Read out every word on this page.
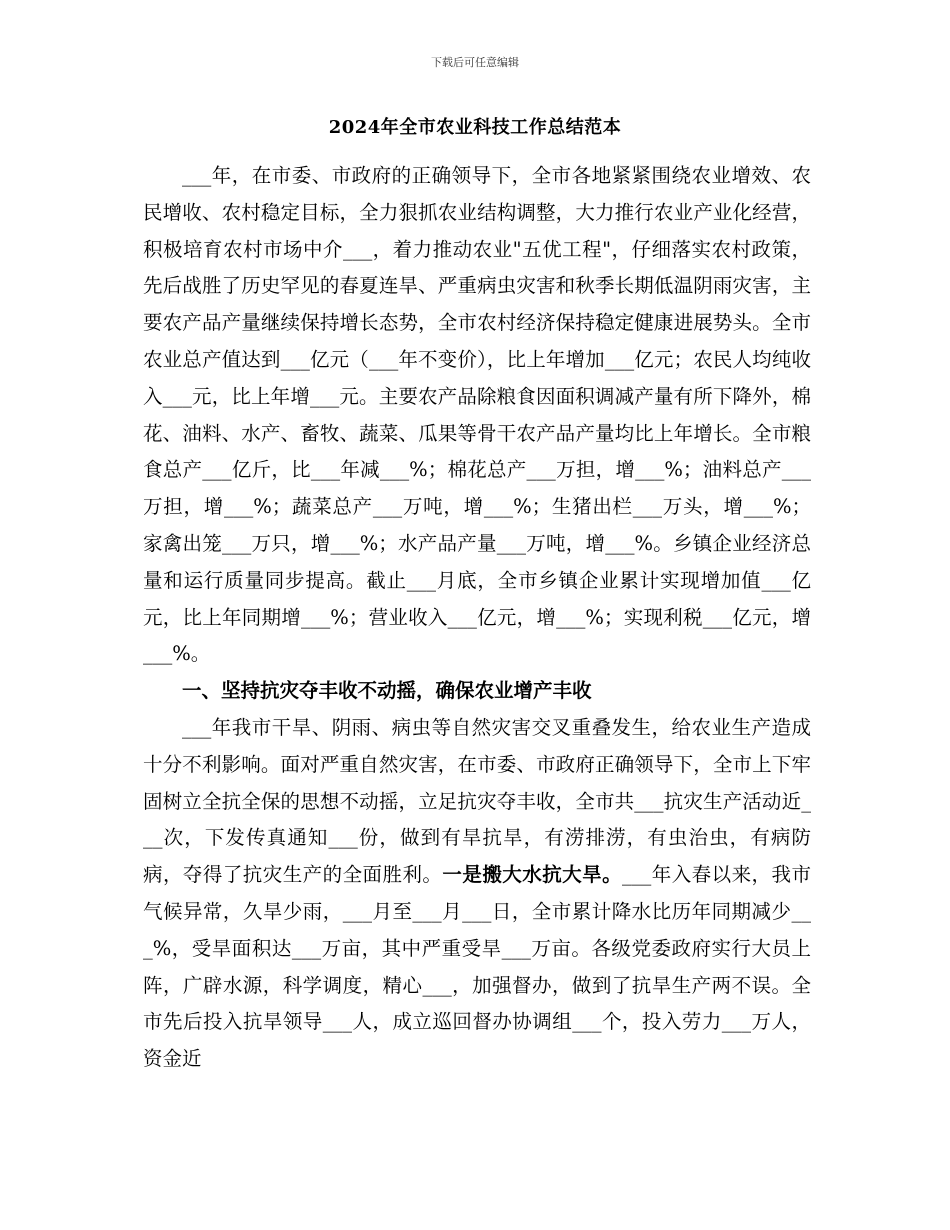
下载后可任意编辑
2024年全市农业科技工作总结范本

___年，在市委、市政府的正确领导下，全市各地紧紧围绕农业增效、农民增收、农村稳定目标，全力狠抓农业结构调整，大力推行农业产业化经营，积极培育农村市场中介___，着力推动农业"五优工程"，仔细落实农村政策，先后战胜了历史罕见的春夏连旱、严重病虫灾害和秋季长期低温阴雨灾害，主要农产品产量继续保持增长态势，全市农村经济保持稳定健康进展势头。全市农业总产值达到___亿元（___年不变价），比上年增加___亿元；农民人均纯收入___元，比上年增___元。主要农产品除粮食因面积调减产量有所下降外，棉花、油料、水产、畜牧、蔬菜、瓜果等骨干农产品产量均比上年增长。全市粮食总产___亿斤，比___年减___%；棉花总产___万担，增___%；油料总产___万担，增___%；蔬菜总产___万吨，增___%；生猪出栏___万头，增___%；家禽出笼___万只，增___%；水产品产量___万吨，增___%。乡镇企业经济总量和运行质量同步提高。截止___月底，全市乡镇企业累计实现增加值___亿元，比上年同期增___%；营业收入___亿元，增___%；实现利税___亿元，增___%。

一、坚持抗灾夺丰收不动摇，确保农业增产丰收

___年我市干旱、阴雨、病虫等自然灾害交叉重叠发生，给农业生产造成十分不利影响。面对严重自然灾害，在市委、市政府正确领导下，全市上下牢固树立全抗全保的思想不动摇，立足抗灾夺丰收，全市共___抗灾生产活动近___次，下发传真通知___份，做到有旱抗旱，有涝排涝，有虫治虫，有病防病，夺得了抗灾生产的全面胜利。一是搬大水抗大旱。___年入春以来，我市气候异常，久旱少雨，___月至___月___日，全市累计降水比历年同期减少___%，受旱面积达___万亩，其中严重受旱___万亩。各级党委政府实行大员上阵，广辟水源，科学调度，精心___，加强督办，做到了抗旱生产两不误。全市先后投入抗旱领导___人，成立巡回督办协调组___个，投入劳力___万人，资金近
